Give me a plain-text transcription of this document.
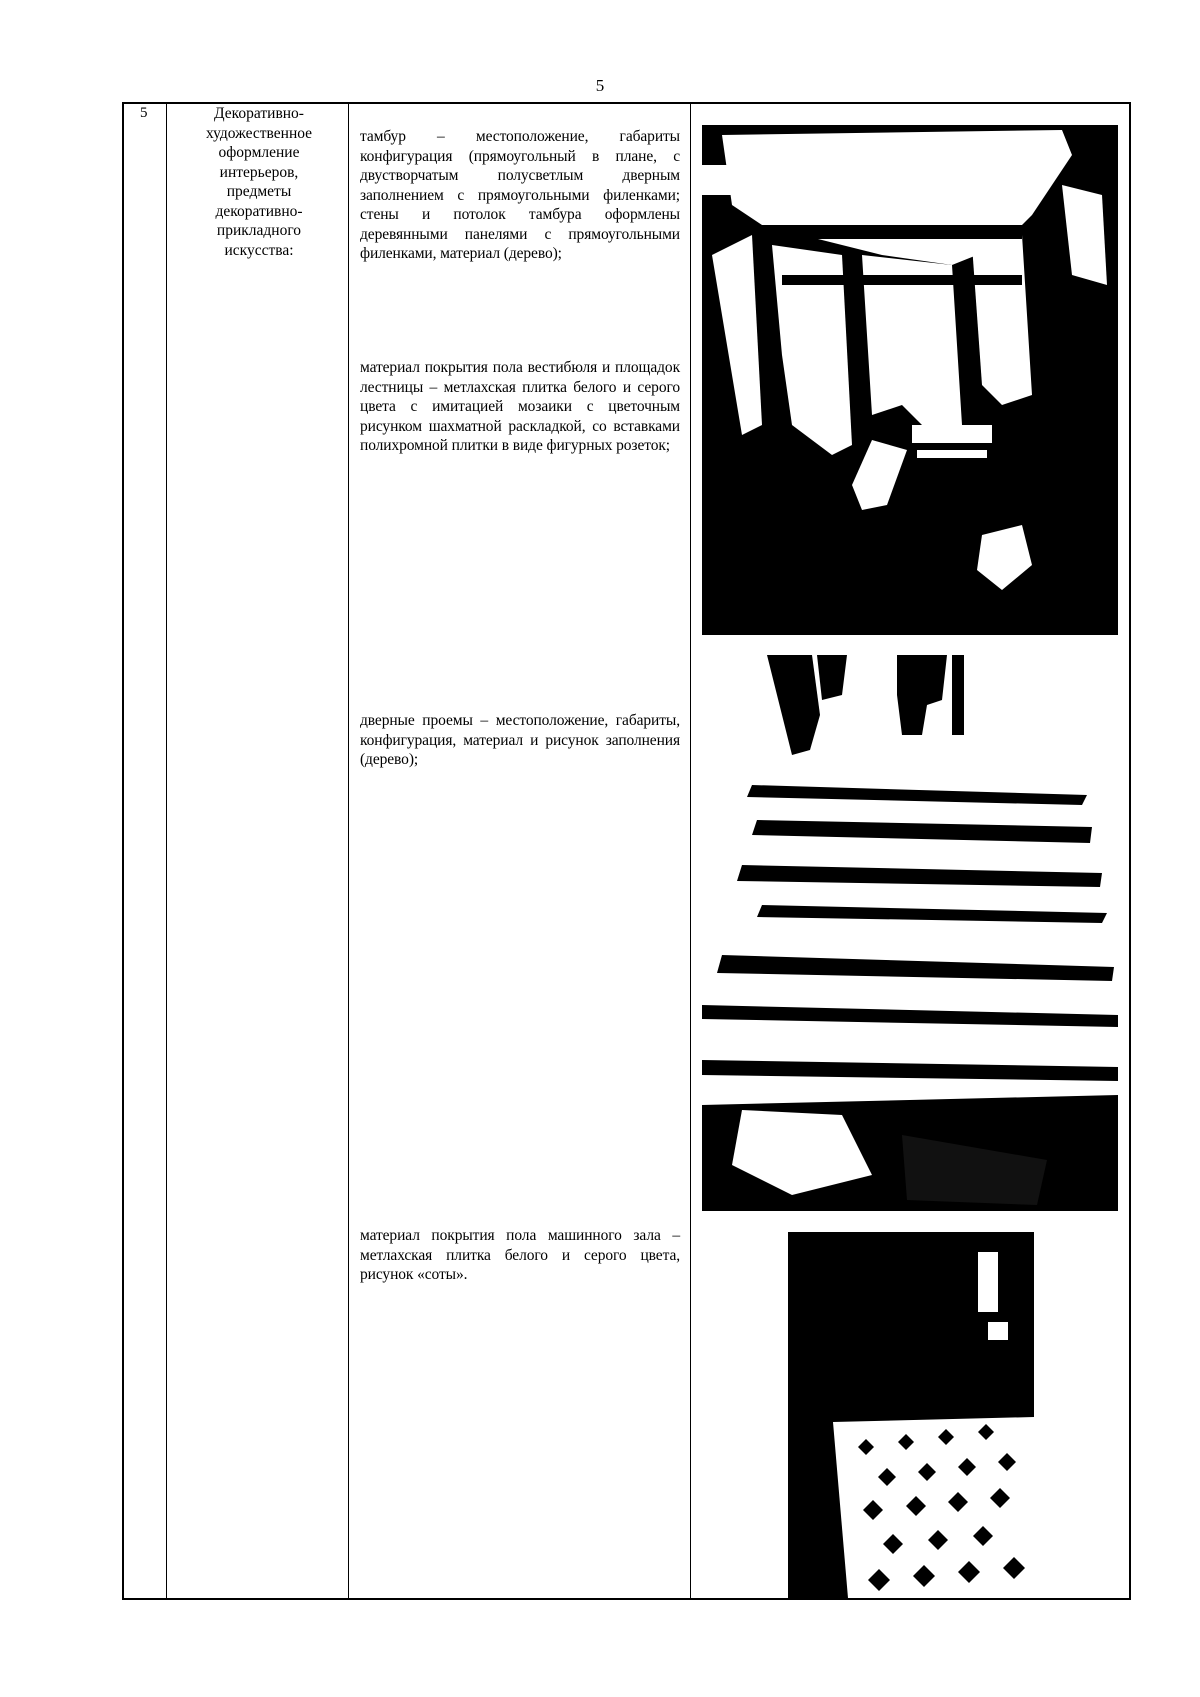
5
5	Декоративно-
художественное
оформление
интерьеров,
предметы
декоративно-
прикладного
искусства:
тамбур – местоположение, габариты конфигурация (прямоугольный в плане, с двустворчатым полусветлым дверным заполнением с прямоугольными филенками; стены и потолок тамбура оформлены деревянными панелями с прямоугольными филенками, материал (дерево);
материал покрытия пола вестибюля и площадок лестницы – метлахская плитка белого и серого цвета с имитацией мозаики с цветочным рисунком шахматной раскладкой, со вставками полихромной плитки в виде фигурных розеток;
дверные проемы – местоположение, габариты, конфигурация, материал и рисунок заполнения (дерево);
материал покрытия пола машинного зала – метлахская плитка белого и серого цвета, рисунок «соты».
